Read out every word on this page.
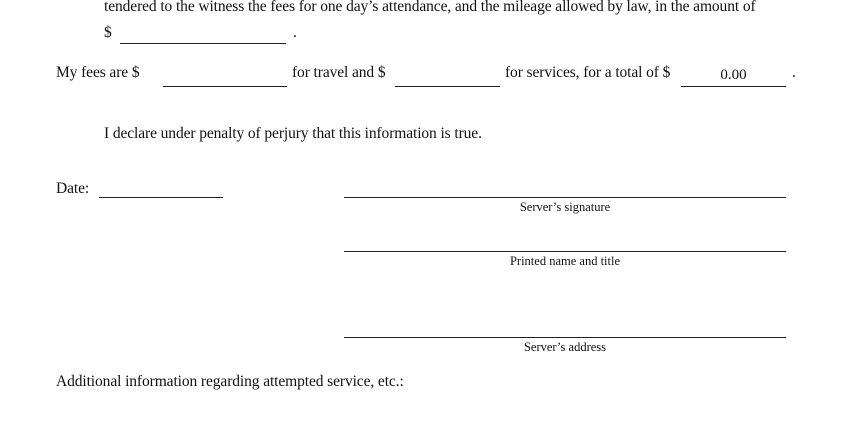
tendered to the witness the fees for one day’s attendance, and the mileage allowed by law, in the amount of
$	.
My fees are $	for travel and $	for services, for a total of $	0.00	.
I declare under penalty of perjury that this information is true.
Date:
Server’s signature
Printed name and title
Server’s address
Additional information regarding attempted service, etc.:
